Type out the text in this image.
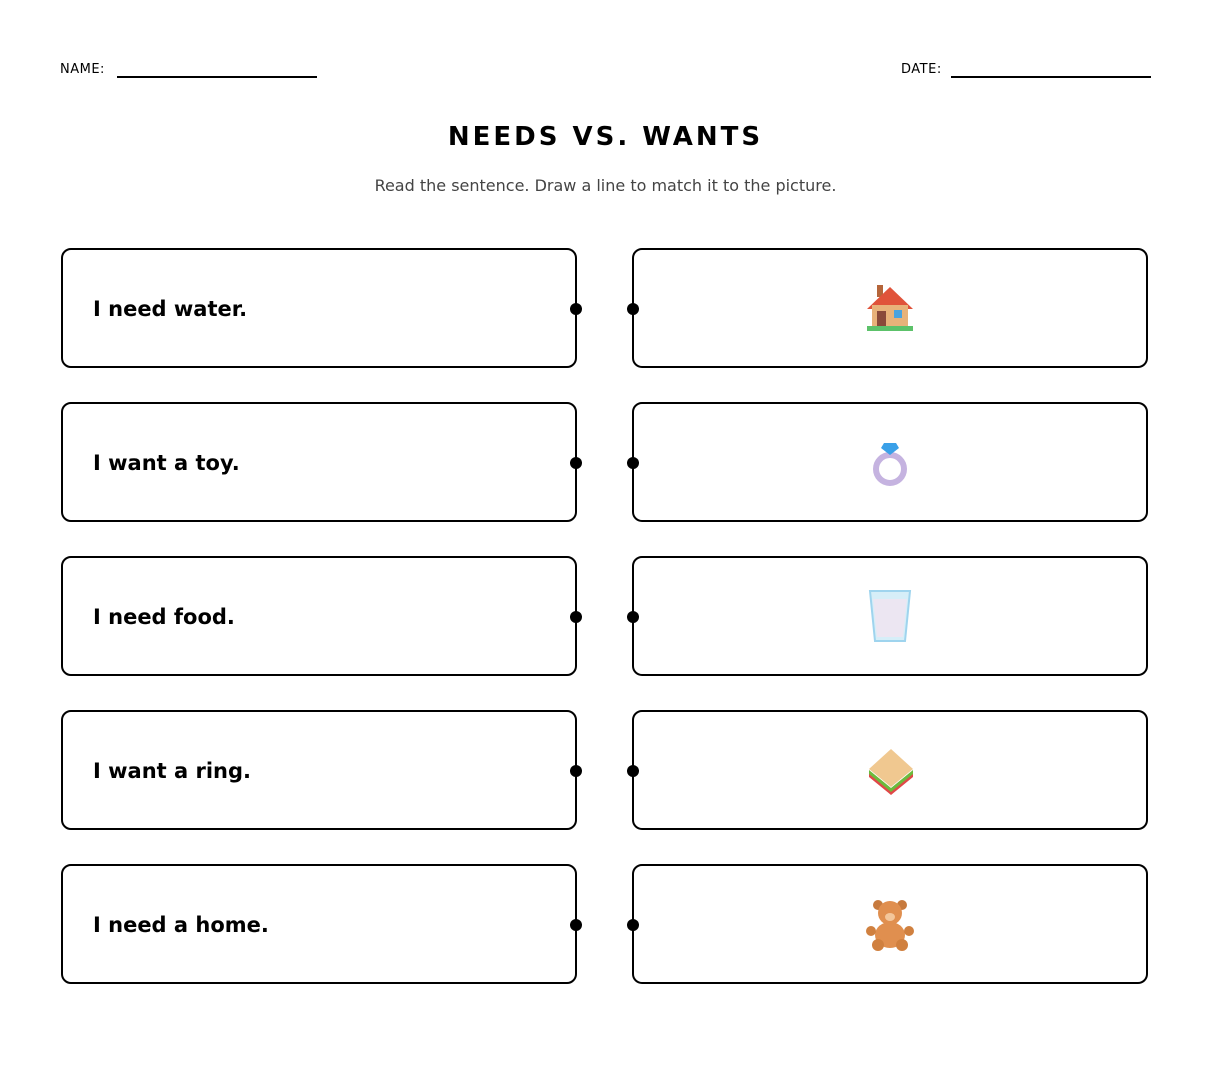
NAME:	DATE:
NEEDS VS. WANTS
Read the sentence. Draw a line to match it to the picture.
I need water.
I want a toy.
I need food.
I want a ring.
I need a home.
